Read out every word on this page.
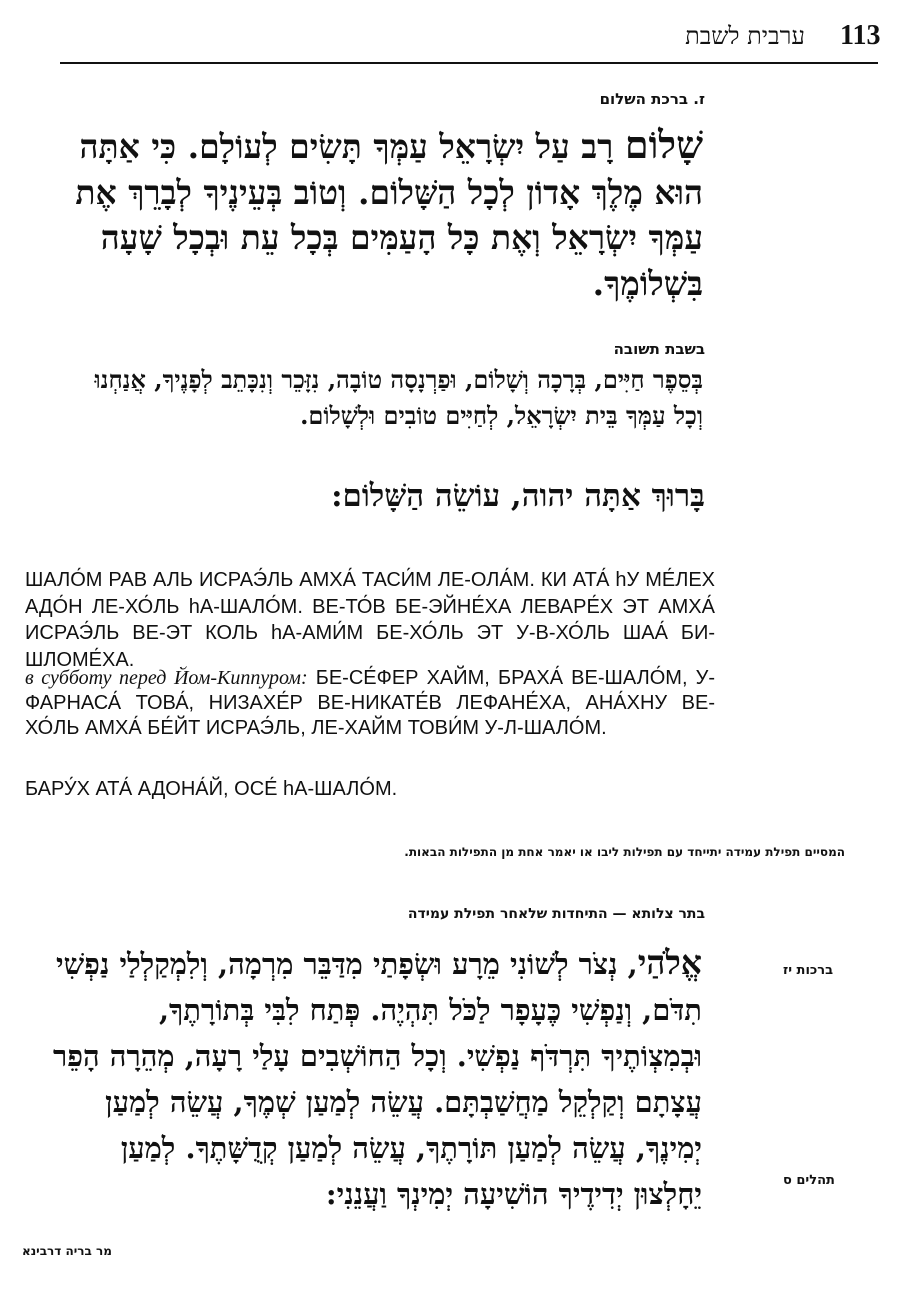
113
ערבית לשבת
ז. ברכת השלום
שָׁלוֹם רָב עַל יִשְׂרָאֵל עַמְּךָ תָּשִׂים לְעוֹלָם. כִּי אַתָּה הוּא מֶלֶךְ אָדוֹן לְכָל הַשָּׁלוֹם. וְטוֹב בְּעֵינֶיךָ לְבָרֵךְ אֶת עַמְּךָ יִשְׂרָאֵל וְאֶת כָּל הָעַמִּים בְּכָל עֵת וּבְכָל שָׁעָה בִּשְׁלוֹמֶךָ.
בשבת תשובה
בְּסֵפֶר חַיִּים, בְּרָכָה וְשָׁלוֹם, וּפַרְנָסָה טוֹבָה, נִזָּכֵר וְנִכָּתֵב לְפָנֶיךָ, אֲנַחְנוּ וְכָל עַמְּךָ בֵּית יִשְׂרָאֵל, לְחַיִּים טוֹבִים וּלְשָׁלוֹם.
בָּרוּךְ אַתָּה יהוה, עוֹשֵׂה הַשָּׁלוֹם:
ШАЛО́М РАВ АЛЬ ИСРАЭ́ЛЬ АМХА́ ТАСИ́М ЛЕ-ОЛА́М. КИ АТА́ hУ МЕ́ЛЕХ АДО́Н ЛЕ-ХО́ЛЬ hА-ШАЛО́М. ВЕ-ТО́В БЕ-ЭЙНЕ́ХА ЛЕВАРЕ́Х ЭТ АМХА́ ИСРАЭ́ЛЬ ВЕ-ЭТ КОЛЬ hА-АМИ́М БЕ-ХО́ЛЬ ЭТ У-В-ХО́ЛЬ ШАА́ БИ-ШЛОМЕ́ХА.
в субботу перед Йом-Киппуром: БЕ-СЕ́ФЕР ХАЙМ, БРАХА́ ВЕ-ШАЛО́М, У-ФАРНАСА́ ТОВА́, НИЗАХЕ́Р ВЕ-НИКАТЕ́В ЛЕФАНЕ́ХА, АНА́ХНУ ВЕ-ХО́ЛЬ АМХА́ БЕ́ЙТ ИСРАЭ́ЛЬ, ЛЕ-ХАЙМ ТОВИ́М У-Л-ШАЛО́М.
БАРУ́Х АТА́ АДОНА́Й, ОСЕ́ hА-ШАЛО́М.
המסיים תפילת עמידה יתייחד עם תפילות ליבו או יאמר אחת מן התפילות הבאות.
בתר צלותא — התיחדות שלאחר תפילת עמידה
אֱלֹהַי, נְצֹר לְשׁוֹנִי מֵרָע וּשְׂפָתַי מִדַּבֵּר מִרְמָה, וְלִמְקַלְלַי נַפְשִׁי תִדֹּם, וְנַפְשִׁי כֶּעָפָר לַכֹּל תִּהְיֶה. פְּתַח לִבִּי בְּתוֹרָתֶךָ, וּבְמִצְוֹתֶיךָ תִּרְדֹּף נַפְשִׁי. וְכָל הַחוֹשְׁבִים עָלַי רָעָה, מְהֵרָה הָפֵר עֲצָתָם וְקַלְקֵל מַחֲשַׁבְתָּם. עֲשֵׂה לְמַעַן שְׁמֶךָ, עֲשֵׂה לְמַעַן יְמִינֶךָ, עֲשֵׂה לְמַעַן תּוֹרָתֶךָ, עֲשֵׂה לְמַעַן קְדֻשָּׁתֶךָ. לְמַעַן יֵחָלְצוּן יְדִידֶיךָ הוֹשִׁיעָה יְמִינְךָ וַעֲנֵנִי:
ברכות יז
תהלים ס
מר בריה דרבינא
